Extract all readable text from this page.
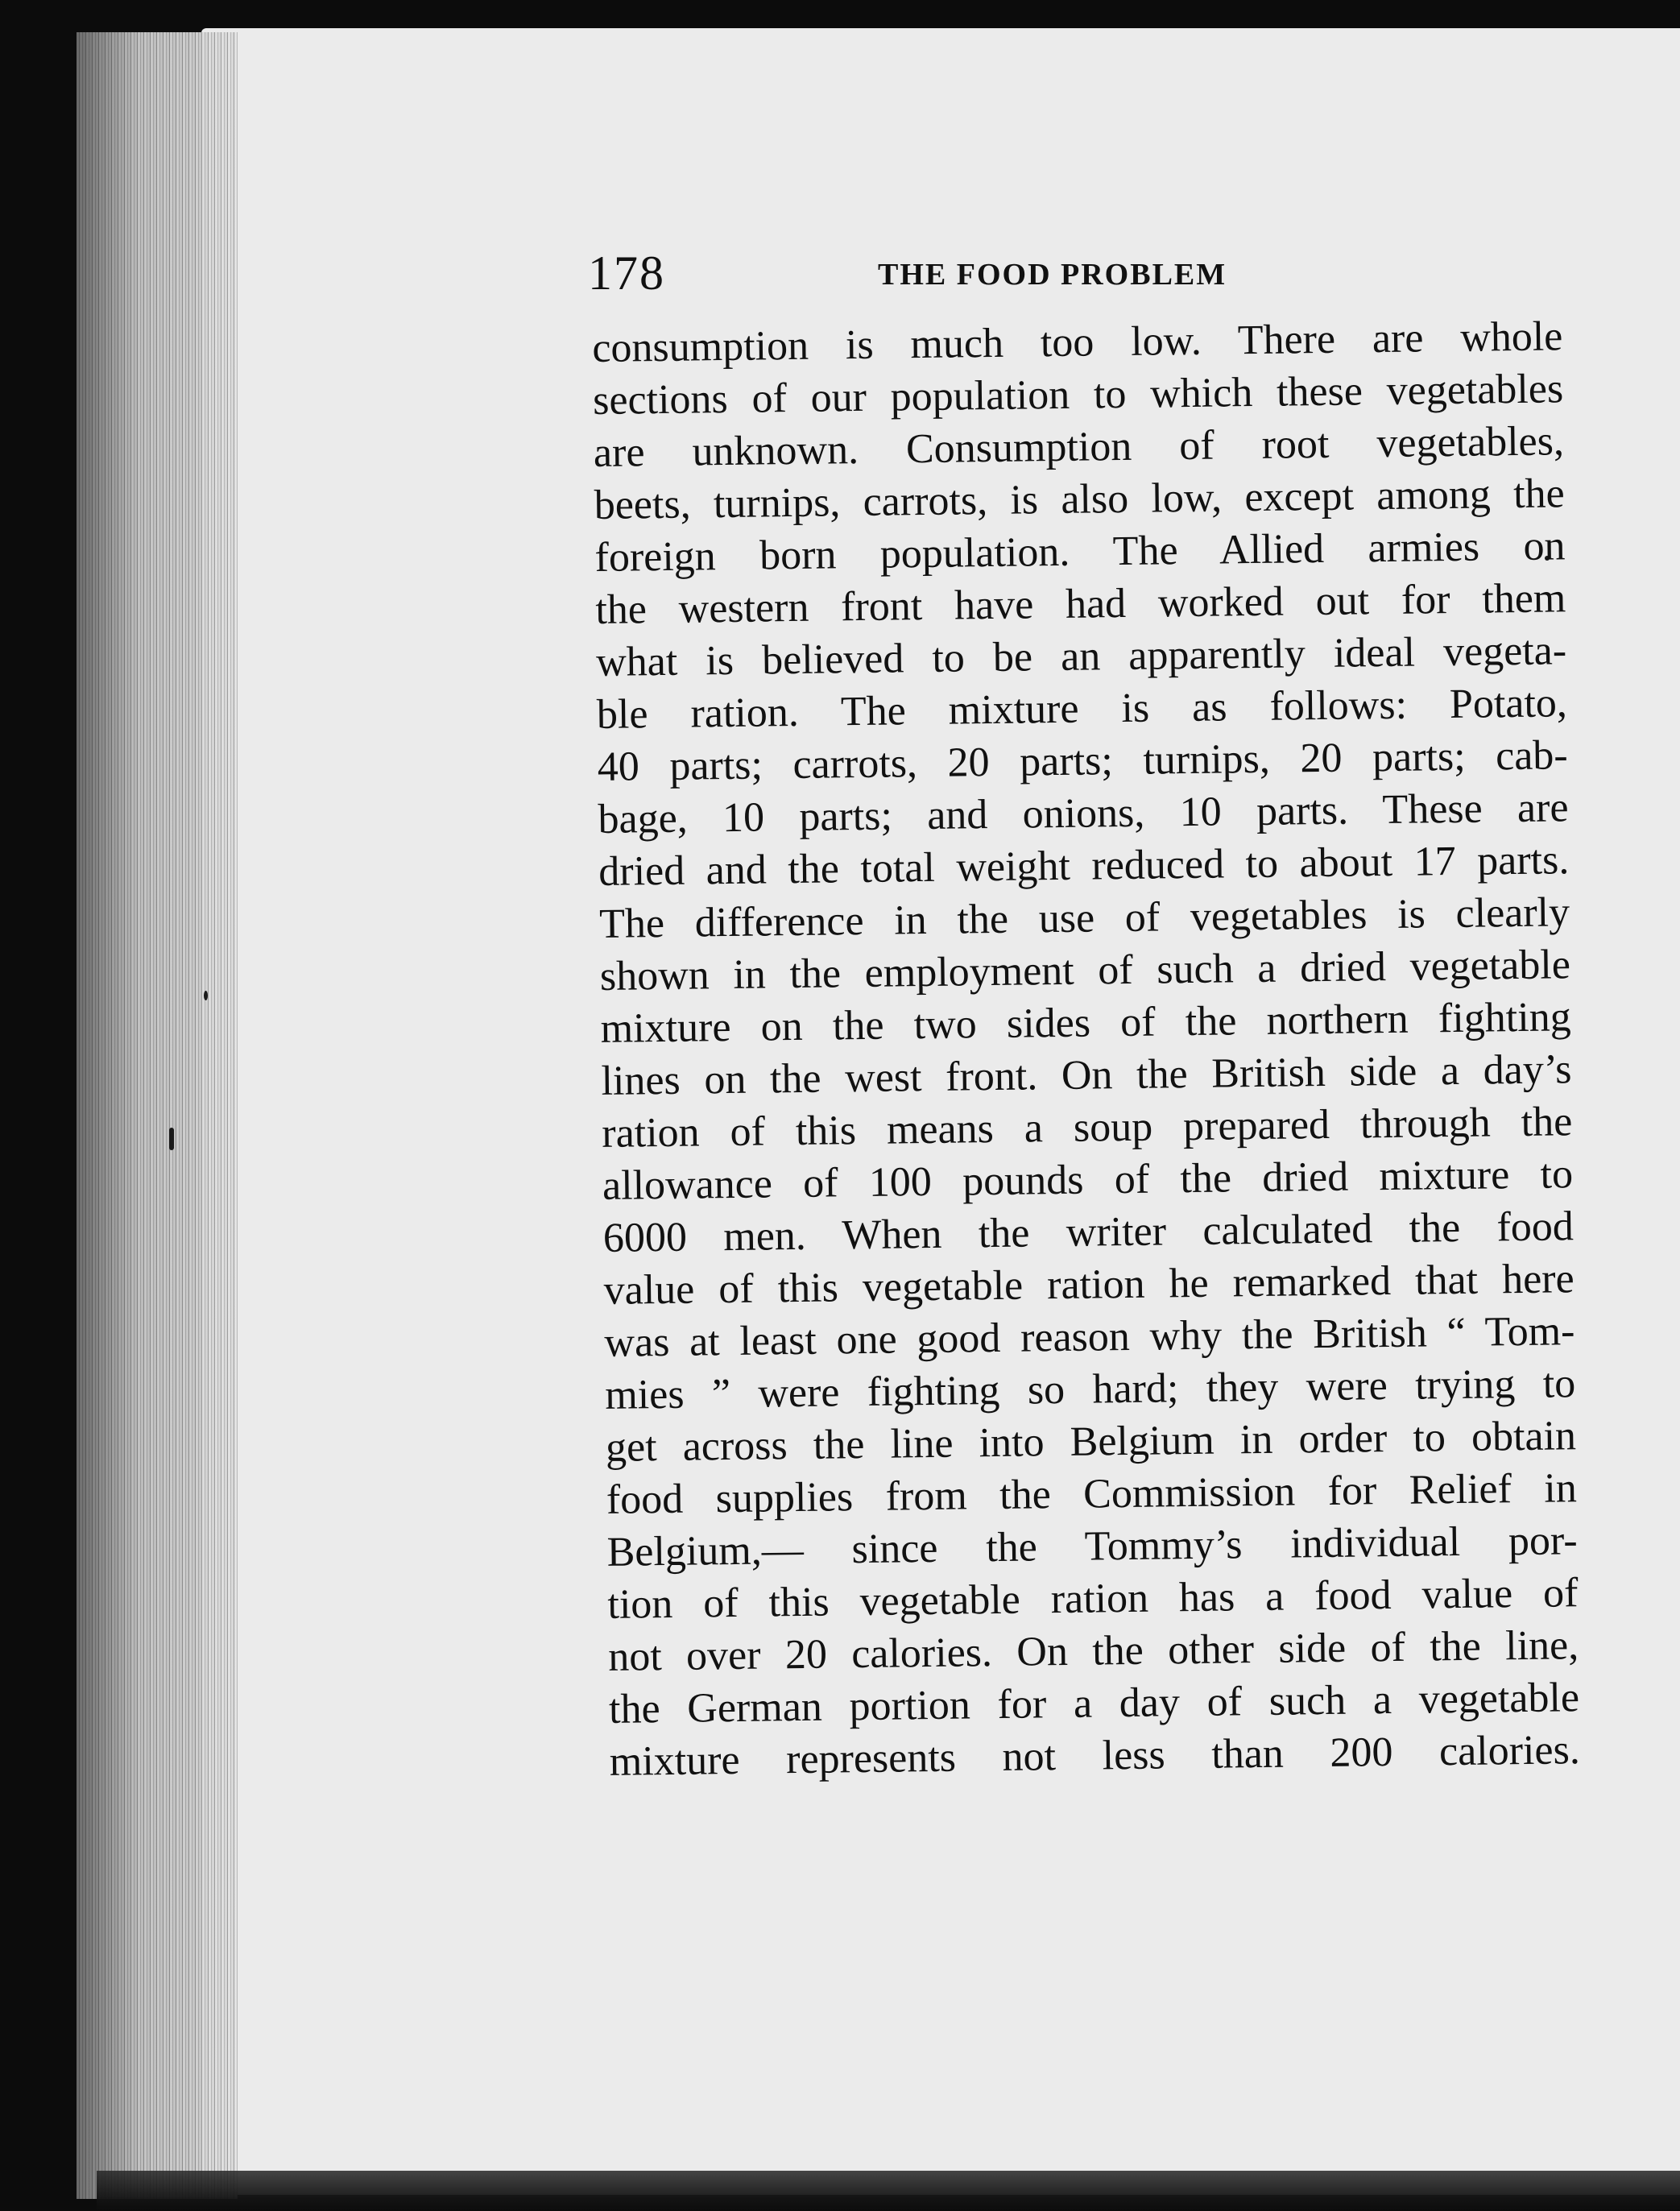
178	THE FOOD PROBLEM
consumption is much too low. There are whole
sections of our population to which these vegetables
are unknown. Consumption of root vegetables,
beets, turnips, carrots, is also low, except among the
foreign born population. The Allied armies on
the western front have had worked out for them
what is believed to be an apparently ideal vegeta-
ble ration. The mixture is as follows: Potato,
40 parts; carrots, 20 parts; turnips, 20 parts; cab-
bage, 10 parts; and onions, 10 parts. These are
dried and the total weight reduced to about 17 parts.
The difference in the use of vegetables is clearly
shown in the employment of such a dried vegetable
mixture on the two sides of the northern fighting
lines on the west front. On the British side a day’s
ration of this means a soup prepared through the
allowance of 100 pounds of the dried mixture to
6000 men. When the writer calculated the food
value of this vegetable ration he remarked that here
was at least one good reason why the British “ Tom-
mies ” were fighting so hard; they were trying to
get across the line into Belgium in order to obtain
food supplies from the Commission for Relief in
Belgium,— since the Tommy’s individual por-
tion of this vegetable ration has a food value of
not over 20 calories. On the other side of the line,
the German portion for a day of such a vegetable
mixture represents not less than 200 calories.
